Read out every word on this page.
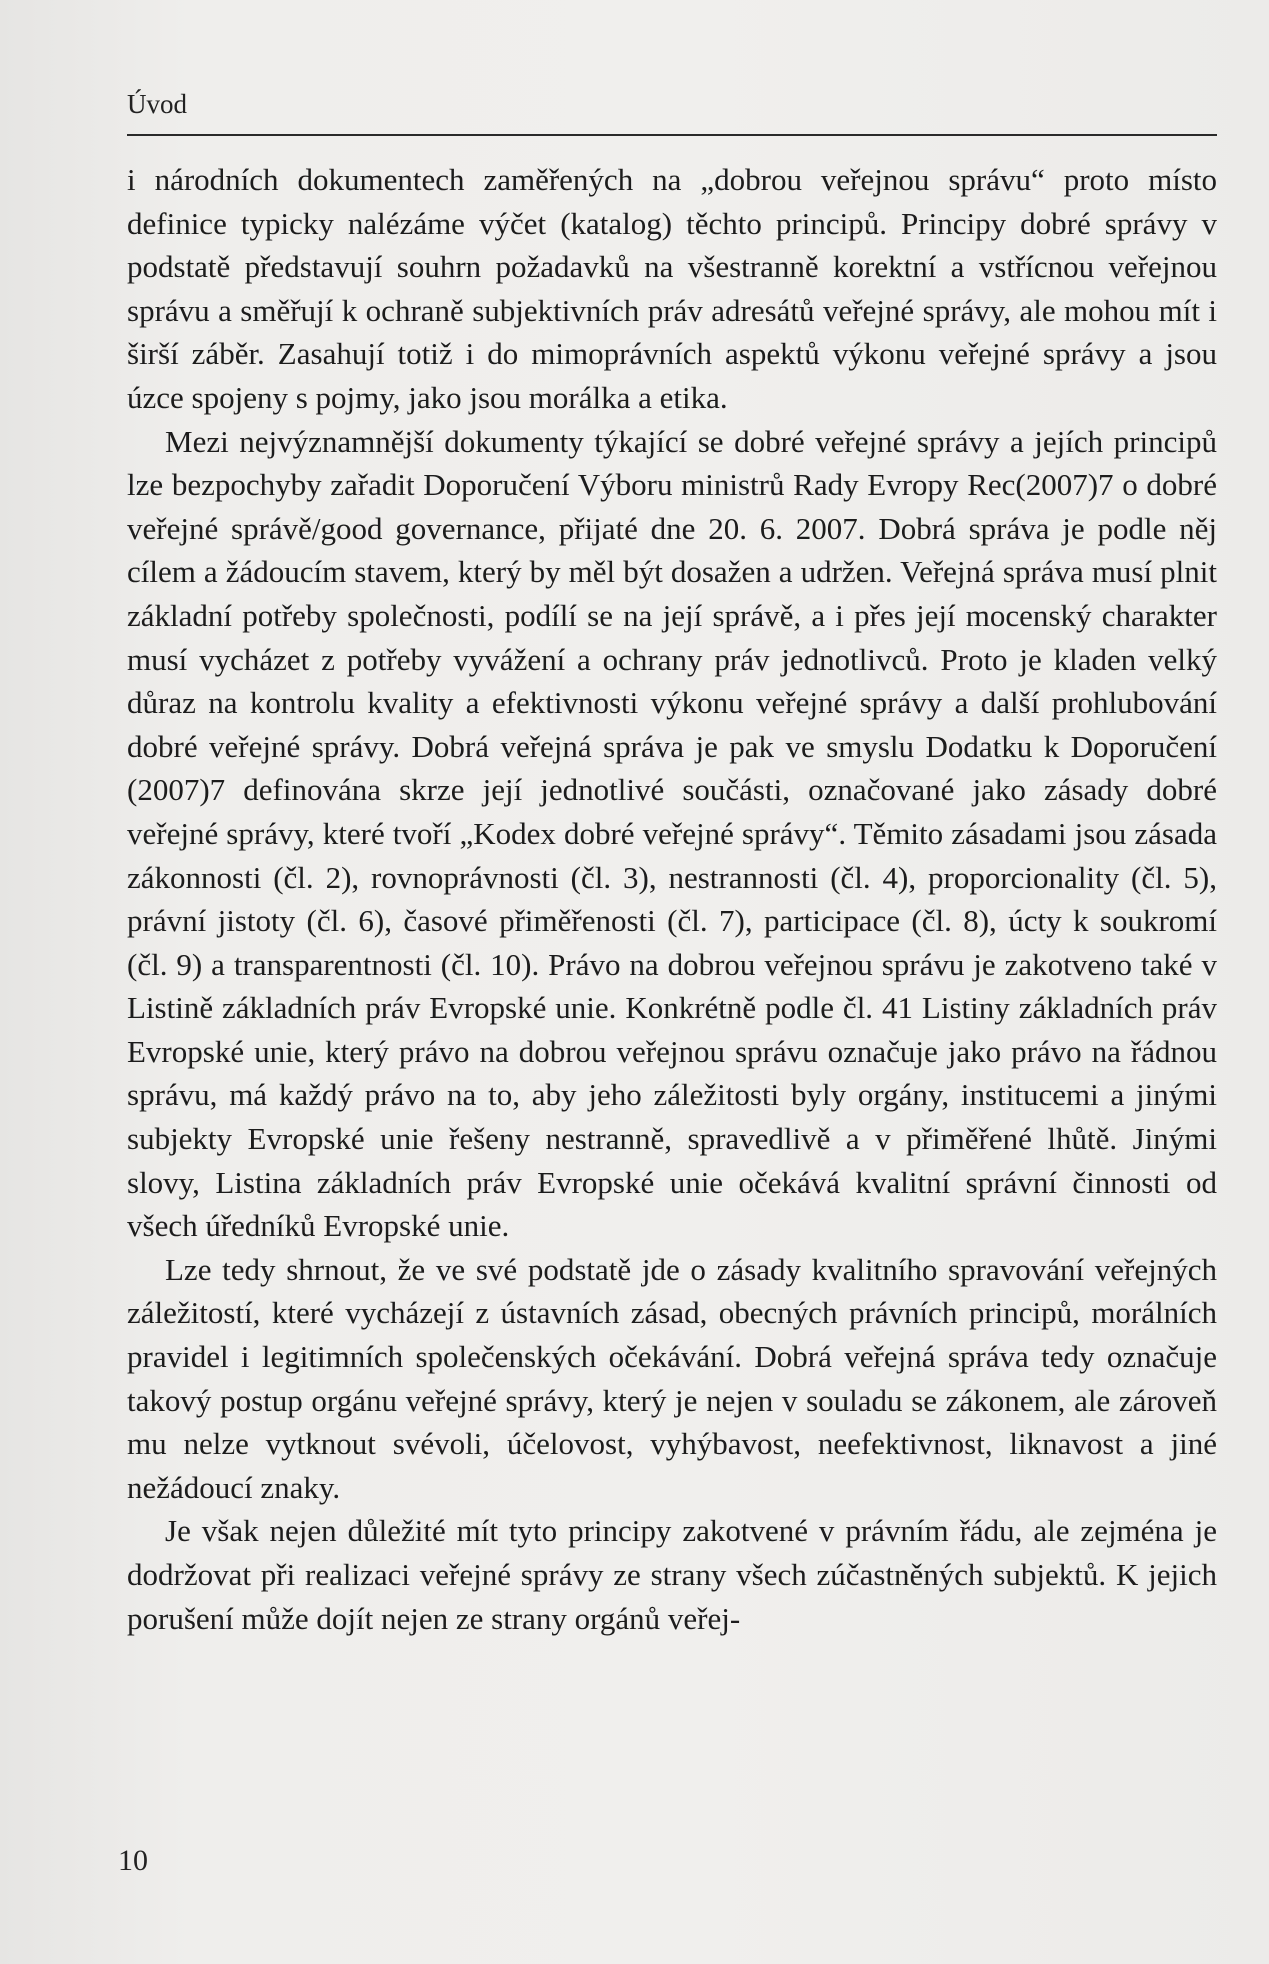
Úvod

i národních dokumentech zaměřených na „dobrou veřejnou správu“ proto místo definice typicky nalézáme výčet (katalog) těchto principů. Principy dobré správy v podstatě představují souhrn požadavků na všestranně korektní a vstřícnou veřejnou správu a směřují k ochraně subjektivních práv adresátů veřejné správy, ale mohou mít i širší záběr. Zasahují totiž i do mimoprávních aspektů výkonu veřejné správy a jsou úzce spojeny s pojmy, jako jsou morálka a etika.

Mezi nejvýznamnější dokumenty týkající se dobré veřejné správy a jejích principů lze bezpochyby zařadit Doporučení Výboru ministrů Rady Evropy Rec(2007)7 o dobré veřejné správě/good governance, přijaté dne 20. 6. 2007. Dobrá správa je podle něj cílem a žádoucím stavem, který by měl být dosažen a udržen. Veřejná správa musí plnit základní potřeby společnosti, podílí se na její správě, a i přes její mocenský charakter musí vycházet z potřeby vyvážení a ochrany práv jednotlivců. Proto je kladen velký důraz na kontrolu kvality a efektivnosti výkonu veřejné správy a další prohlubování dobré veřejné správy. Dobrá veřejná správa je pak ve smyslu Dodatku k Doporučení (2007)7 definována skrze její jednotlivé součásti, označované jako zásady dobré veřejné správy, které tvoří „Kodex dobré veřejné správy“. Těmito zásadami jsou zásada zákonnosti (čl. 2), rovnoprávnosti (čl. 3), nestrannosti (čl. 4), proporcionality (čl. 5), právní jistoty (čl. 6), časové přiměřenosti (čl. 7), participace (čl. 8), úcty k soukromí (čl. 9) a transparentnosti (čl. 10). Právo na dobrou veřejnou správu je zakotveno také v Listině základních práv Evropské unie. Konkrétně podle čl. 41 Listiny základních práv Evropské unie, který právo na dobrou veřejnou správu označuje jako právo na řádnou správu, má každý právo na to, aby jeho záležitosti byly orgány, institucemi a jinými subjekty Evropské unie řešeny nestranně, spravedlivě a v přiměřené lhůtě. Jinými slovy, Listina základních práv Evropské unie očekává kvalitní správní činnosti od všech úředníků Evropské unie.

Lze tedy shrnout, že ve své podstatě jde o zásady kvalitního spravování veřejných záležitostí, které vycházejí z ústavních zásad, obecných právních principů, morálních pravidel i legitimních společenských očekávání. Dobrá veřejná správa tedy označuje takový postup orgánu veřejné správy, který je nejen v souladu se zákonem, ale zároveň mu nelze vytknout svévoli, účelovost, vyhýbavost, neefektivnost, liknavost a jiné nežádoucí znaky.

Je však nejen důležité mít tyto principy zakotvené v právním řádu, ale zejména je dodržovat při realizaci veřejné správy ze strany všech zúčastněných subjektů. K jejich porušení může dojít nejen ze strany orgánů veřej-

10
